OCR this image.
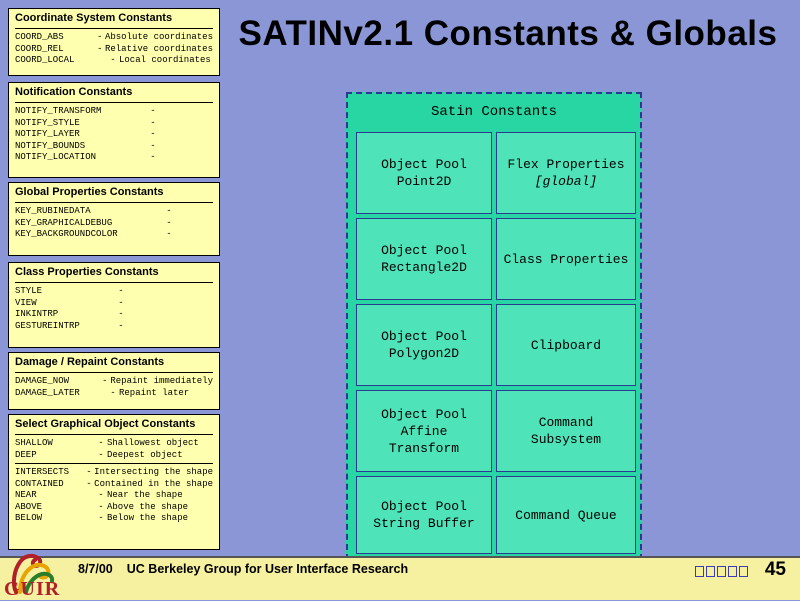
SATINv2.1 Constants & Globals
Coordinate System Constants
COORD_ABS	- Absolute coordinates
COORD_REL	- Relative coordinates
COORD_LOCAL	- Local coordinates
Notification Constants
NOTIFY_TRANSFORM	-
NOTIFY_STYLE	-
NOTIFY_LAYER	-
NOTIFY_BOUNDS	-
NOTIFY_LOCATION	-
Global Properties Constants
KEY_RUBINEDATA	-
KEY_GRAPHICALDEBUG	-
KEY_BACKGROUNDCOLOR	-
Class Properties Constants
STYLE	-
VIEW	-
INKINTRP	-
GESTUREINTRP	-
Damage / Repaint Constants
DAMAGE_NOW	- Repaint immediately
DAMAGE_LATER	- Repaint later
Select Graphical Object Constants
SHALLOW	- Shallowest object
DEEP	- Deepest object
INTERSECTS	- Intersecting the shape
CONTAINED	- Contained in the shape
NEAR	- Near the shape
ABOVE	- Above the shape
BELOW	- Below the shape
Satin Constants
Object Pool
Point2D
Object Pool
Rectangle2D
Object Pool
Polygon2D
Object Pool
Affine
Transform
Object Pool
String Buffer
Flex Properties
[global]
Class Properties
Clipboard
Command
Subsystem
Command Queue
GUIR
8/7/00 UC Berkeley Group for User Interface Research	45
